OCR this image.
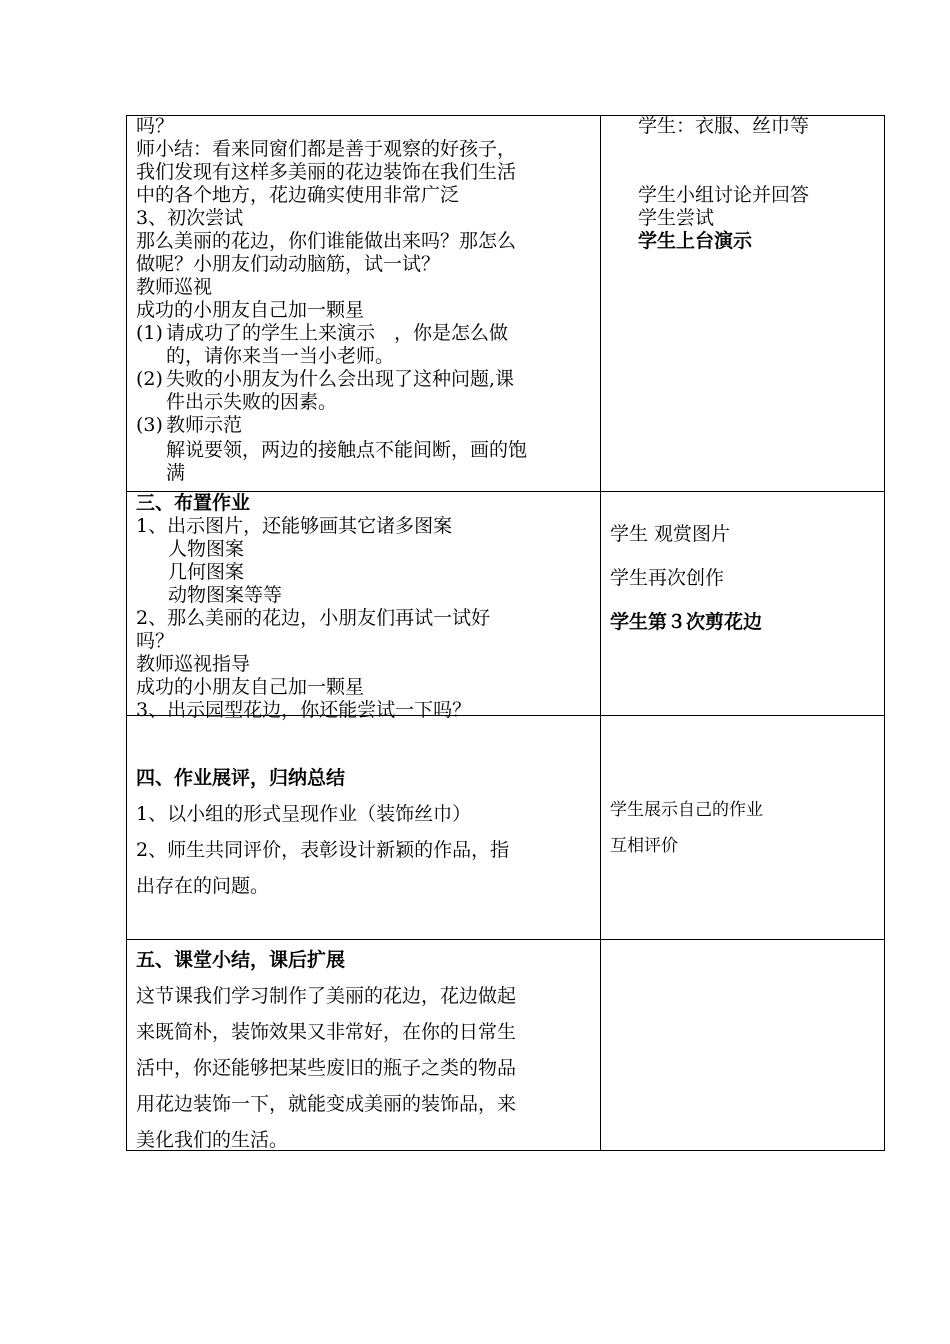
吗？
师小结：看来同窗们都是善于观察的好孩子，
我们发现有这样多美丽的花边装饰在我们生活
中的各个地方，花边确实使用非常广泛
3、初次尝试
那么美丽的花边，你们谁能做出来吗？那怎么
做呢？小朋友们动动脑筋，试一试？
教师巡视
成功的小朋友自己加一颗星
(1) 请成功了的学生上来演示　，你是怎么做
的，请你来当一当小老师。
(2) 失败的小朋友为什么会出现了这种问题,课
件出示失败的因素。
(3) 教师示范
解说要领，两边的接触点不能间断，画的饱
满
学生：衣服、丝巾等
学生小组讨论并回答
学生尝试
学生上台演示
三、布置作业
1、出示图片，还能够画其它诸多图案
人物图案
几何图案
动物图案等等
2、那么美丽的花边，小朋友们再试一试好
吗？
教师巡视指导
成功的小朋友自己加一颗星
3、出示园型花边，你还能尝试一下吗？
学生 观赏图片
学生再次创作
学生第３次剪花边
四、作业展评，归纳总结
1、以小组的形式呈现作业（装饰丝巾）
2、师生共同评价，表彰设计新颖的作品，指
出存在的问题。
学生展示自己的作业
互相评价
五、课堂小结，课后扩展
这节课我们学习制作了美丽的花边，花边做起
来既简朴，装饰效果又非常好，在你的日常生
活中，你还能够把某些废旧的瓶子之类的物品
用花边装饰一下，就能变成美丽的装饰品，来
美化我们的生活。
